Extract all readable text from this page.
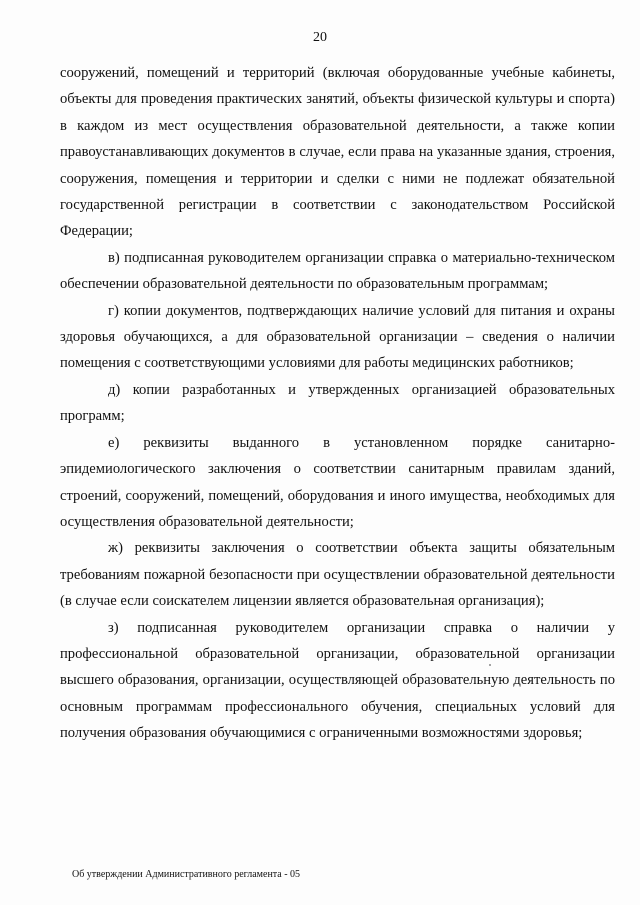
20

сооружений, помещений и территорий (включая оборудованные учебные кабинеты, объекты для проведения практических занятий, объекты физической культуры и спорта) в каждом из мест осуществления образовательной деятельности, а также копии правоустанавливающих документов в случае, если права на указанные здания, строения, сооружения, помещения и территории и сделки с ними не подлежат обязательной государственной регистрации в соответствии с законодательством Российской Федерации;

в) подписанная руководителем организации справка о материально-техническом обеспечении образовательной деятельности по образовательным программам;

г) копии документов, подтверждающих наличие условий для питания и охраны здоровья обучающихся, а для образовательной организации – сведения о наличии помещения с соответствующими условиями для работы медицинских работников;

д) копии разработанных и утвержденных организацией образовательных программ;

е) реквизиты выданного в установленном порядке санитарно-эпидемиологического заключения о соответствии санитарным правилам зданий, строений, сооружений, помещений, оборудования и иного имущества, необходимых для осуществления образовательной деятельности;

ж) реквизиты заключения о соответствии объекта защиты обязательным требованиям пожарной безопасности при осуществлении образовательной деятельности (в случае если соискателем лицензии является образовательная организация);

з) подписанная руководителем организации справка о наличии у профессиональной образовательной организации, образовательной организации высшего образования, организации, осуществляющей образовательную деятельность по основным программам профессионального обучения, специальных условий для получения образования обучающимися с ограниченными возможностями здоровья;

Об утверждении Административного регламента - 05
